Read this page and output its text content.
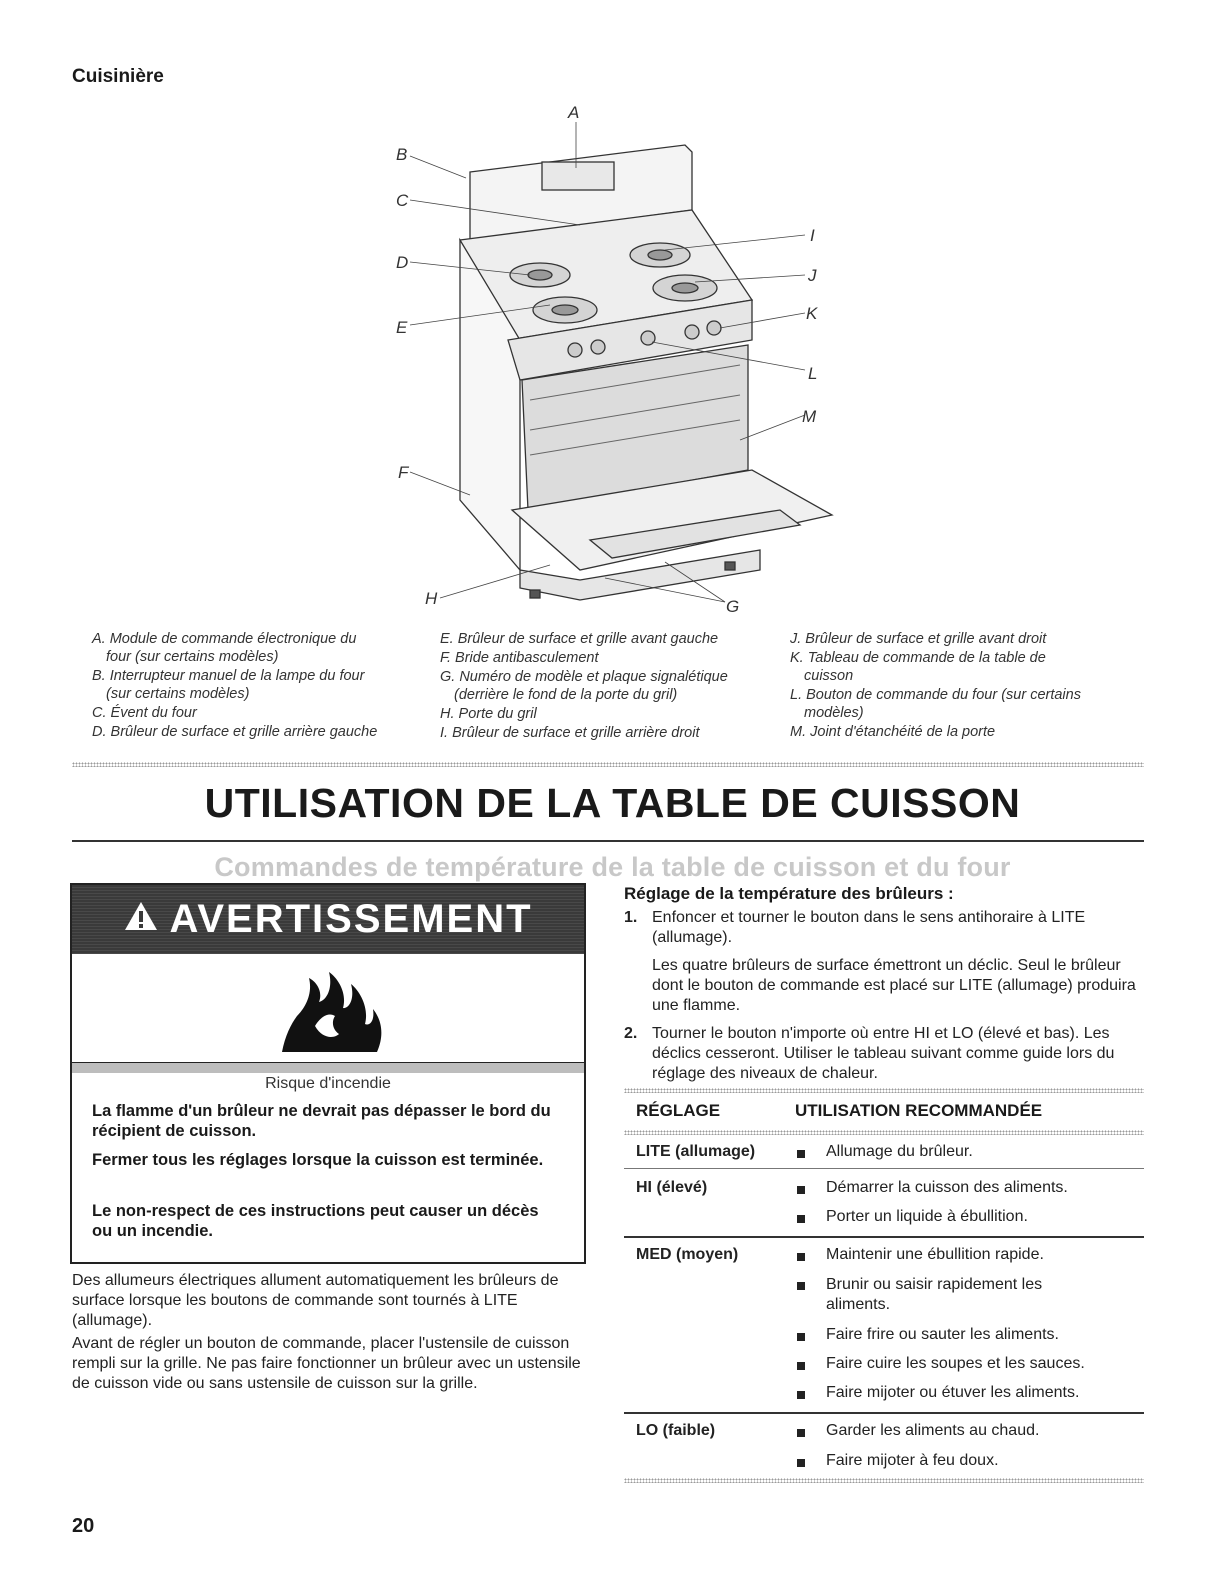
Cuisinière
A
B
C
D
E
F
G
H
I
J
K
L
M
A. Module de commande électronique du
four (sur certains modèles)
B. Interrupteur manuel de la lampe du four
(sur certains modèles)
C. Évent du four
D. Brûleur de surface et grille arrière gauche
E. Brûleur de surface et grille avant gauche
F. Bride antibasculement
G. Numéro de modèle et plaque signalétique
(derrière le fond de la porte du gril)
H. Porte du gril
I. Brûleur de surface et grille arrière droit
J. Brûleur de surface et grille avant droit
K. Tableau de commande de la table de
cuisson
L. Bouton de commande du four (sur certains
modèles)
M. Joint d'étanchéité de la porte
UTILISATION DE LA TABLE DE CUISSON
Commandes de température de la table de cuisson et du four
AVERTISSEMENT
Risque d'incendie
La flamme d'un brûleur ne devrait pas dépasser le bord du récipient de cuisson.
Fermer tous les réglages lorsque la cuisson est terminée.
Le non-respect de ces instructions peut causer un décès ou un incendie.
Des allumeurs électriques allument automatiquement les brûleurs de surface lorsque les boutons de commande sont tournés à LITE (allumage).
Avant de régler un bouton de commande, placer l'ustensile de cuisson rempli sur la grille. Ne pas faire fonctionner un brûleur avec un ustensile de cuisson vide ou sans ustensile de cuisson sur la grille.
Réglage de la température des brûleurs :
1. Enfoncer et tourner le bouton dans le sens antihoraire à LITE (allumage).
Les quatre brûleurs de surface émettront un déclic. Seul le brûleur dont le bouton de commande est placé sur LITE (allumage) produira une flamme.
2. Tourner le bouton n'importe où entre HI et LO (élevé et bas). Les déclics cesseront. Utiliser le tableau suivant comme guide lors du réglage des niveaux de chaleur.
RÉGLAGE	UTILISATION RECOMMANDÉE
LITE (allumage)	Allumage du brûleur.
HI (élevé)	Démarrer la cuisson des aliments.
Porter un liquide à ébullition.
MED (moyen)	Maintenir une ébullition rapide.
Brunir ou saisir rapidement les aliments.
Faire frire ou sauter les aliments.
Faire cuire les soupes et les sauces.
Faire mijoter ou étuver les aliments.
LO (faible)	Garder les aliments au chaud.
Faire mijoter à feu doux.
20
